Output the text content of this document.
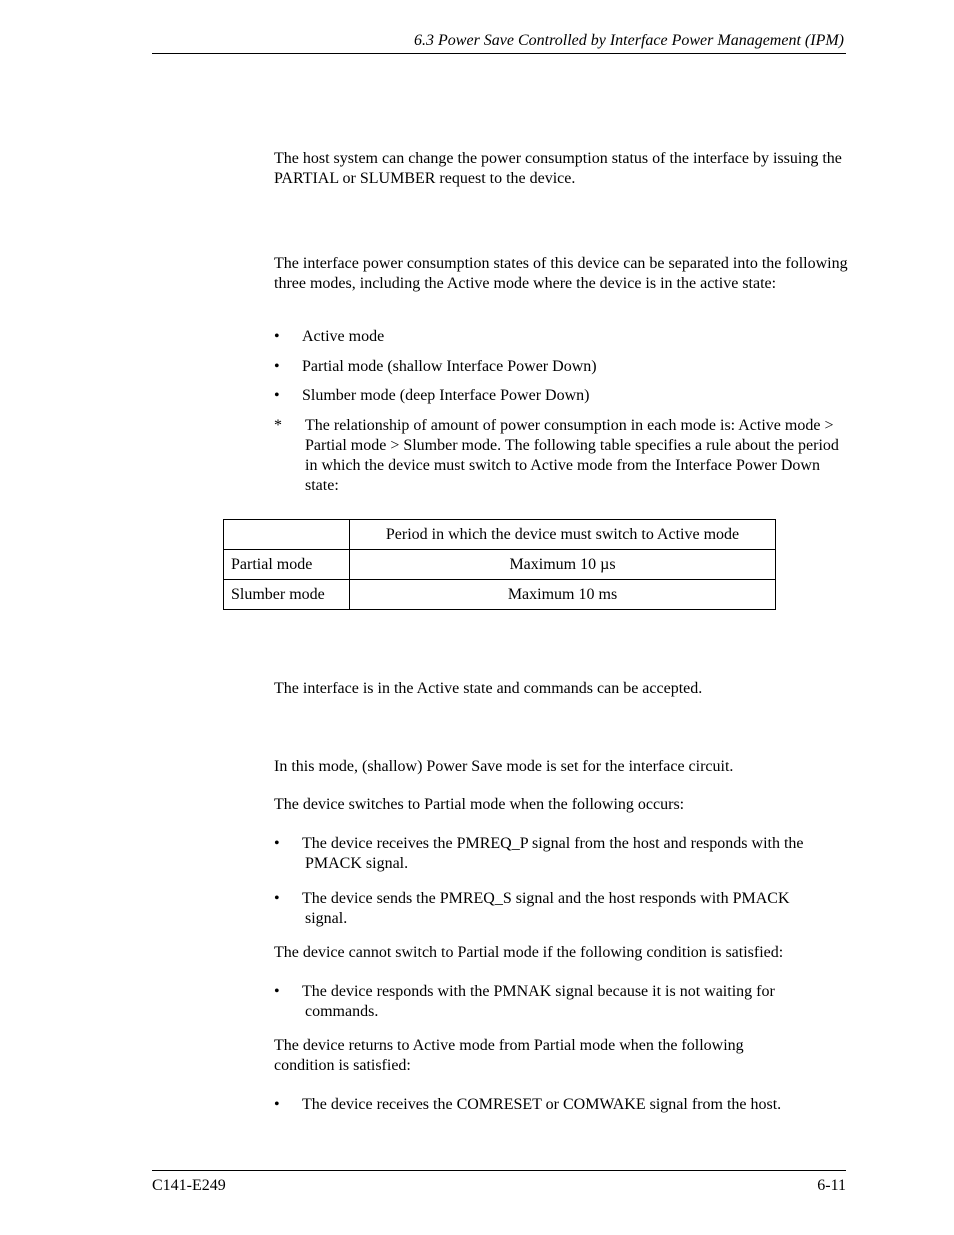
6.3 Power Save Controlled by Interface Power Management (IPM)
The host system can change the power consumption status of the interface by issuing the PARTIAL or SLUMBER request to the device.
The interface power consumption states of this device can be separated into the following three modes, including the Active mode where the device is in the active state:
•	Active mode
•	Partial mode (shallow Interface Power Down)
•	Slumber mode (deep Interface Power Down)
* The relationship of amount of power consumption in each mode is: Active mode > Partial mode > Slumber mode. The following table specifies a rule about the period in which the device must switch to Active mode from the Interface Power Down state:
	Period in which the device must switch to Active mode
Partial mode	Maximum 10 µs
Slumber mode	Maximum 10 ms
The interface is in the Active state and commands can be accepted.
In this mode, (shallow) Power Save mode is set for the interface circuit.
The device switches to Partial mode when the following occurs:
•	The device receives the PMREQ_P signal from the host and responds with the
PMACK signal.
•	The device sends the PMREQ_S signal and the host responds with PMACK
signal.
The device cannot switch to Partial mode if the following condition is satisfied:
•	The device responds with the PMNAK signal because it is not waiting for
commands.
The device returns to Active mode from Partial mode when the following condition is satisfied:
•	The device receives the COMRESET or COMWAKE signal from the host.
C141-E249	6-11
